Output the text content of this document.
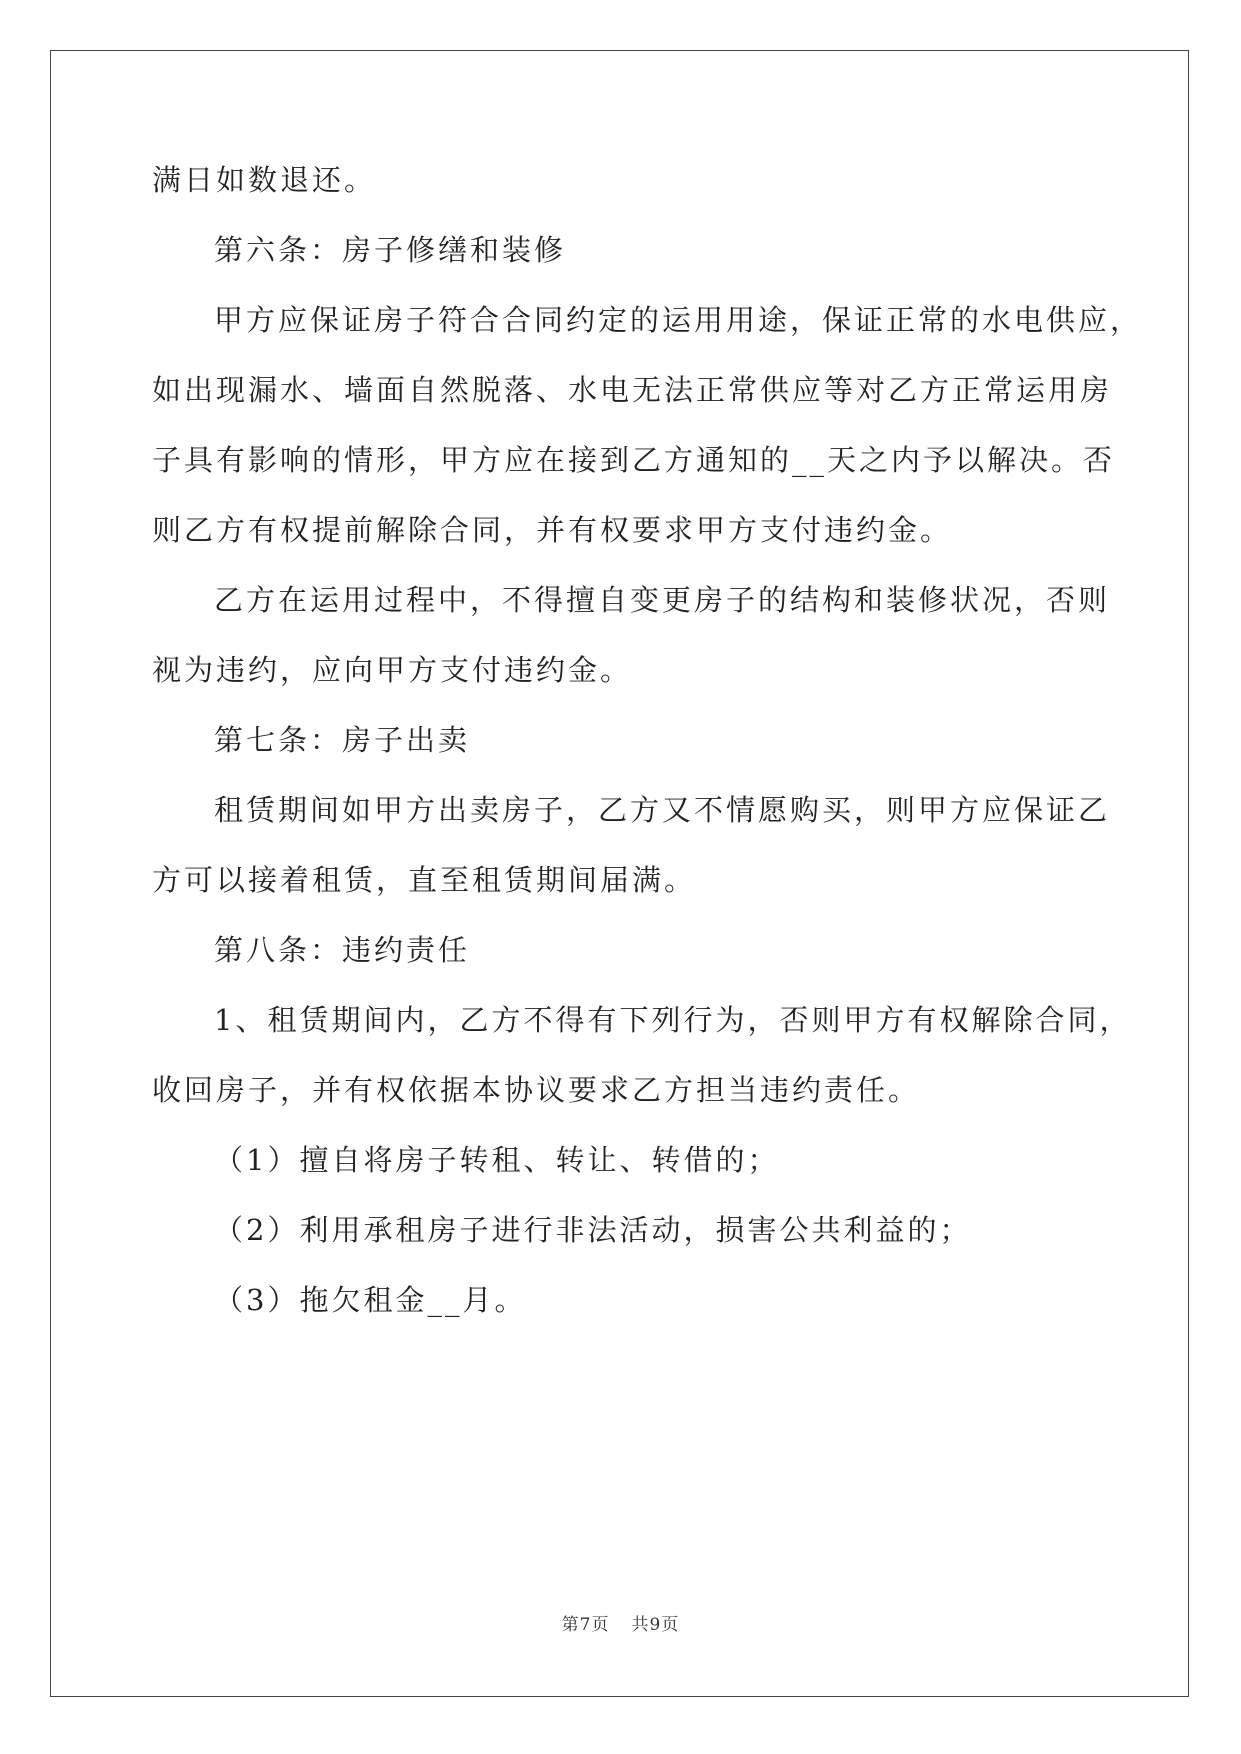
满日如数退还。
第六条：房子修缮和装修
甲方应保证房子符合合同约定的运用用途，保证正常的水电供应，
如出现漏水、墙面自然脱落、水电无法正常供应等对乙方正常运用房
子具有影响的情形，甲方应在接到乙方通知的__天之内予以解决。否
则乙方有权提前解除合同，并有权要求甲方支付违约金。
乙方在运用过程中，不得擅自变更房子的结构和装修状况，否则
视为违约，应向甲方支付违约金。
第七条：房子出卖
租赁期间如甲方出卖房子，乙方又不情愿购买，则甲方应保证乙
方可以接着租赁，直至租赁期间届满。
第八条：违约责任
1、租赁期间内，乙方不得有下列行为，否则甲方有权解除合同，
收回房子，并有权依据本协议要求乙方担当违约责任。
（1）擅自将房子转租、转让、转借的；
（2）利用承租房子进行非法活动，损害公共利益的；
（3）拖欠租金__月。
第7页 共9页
